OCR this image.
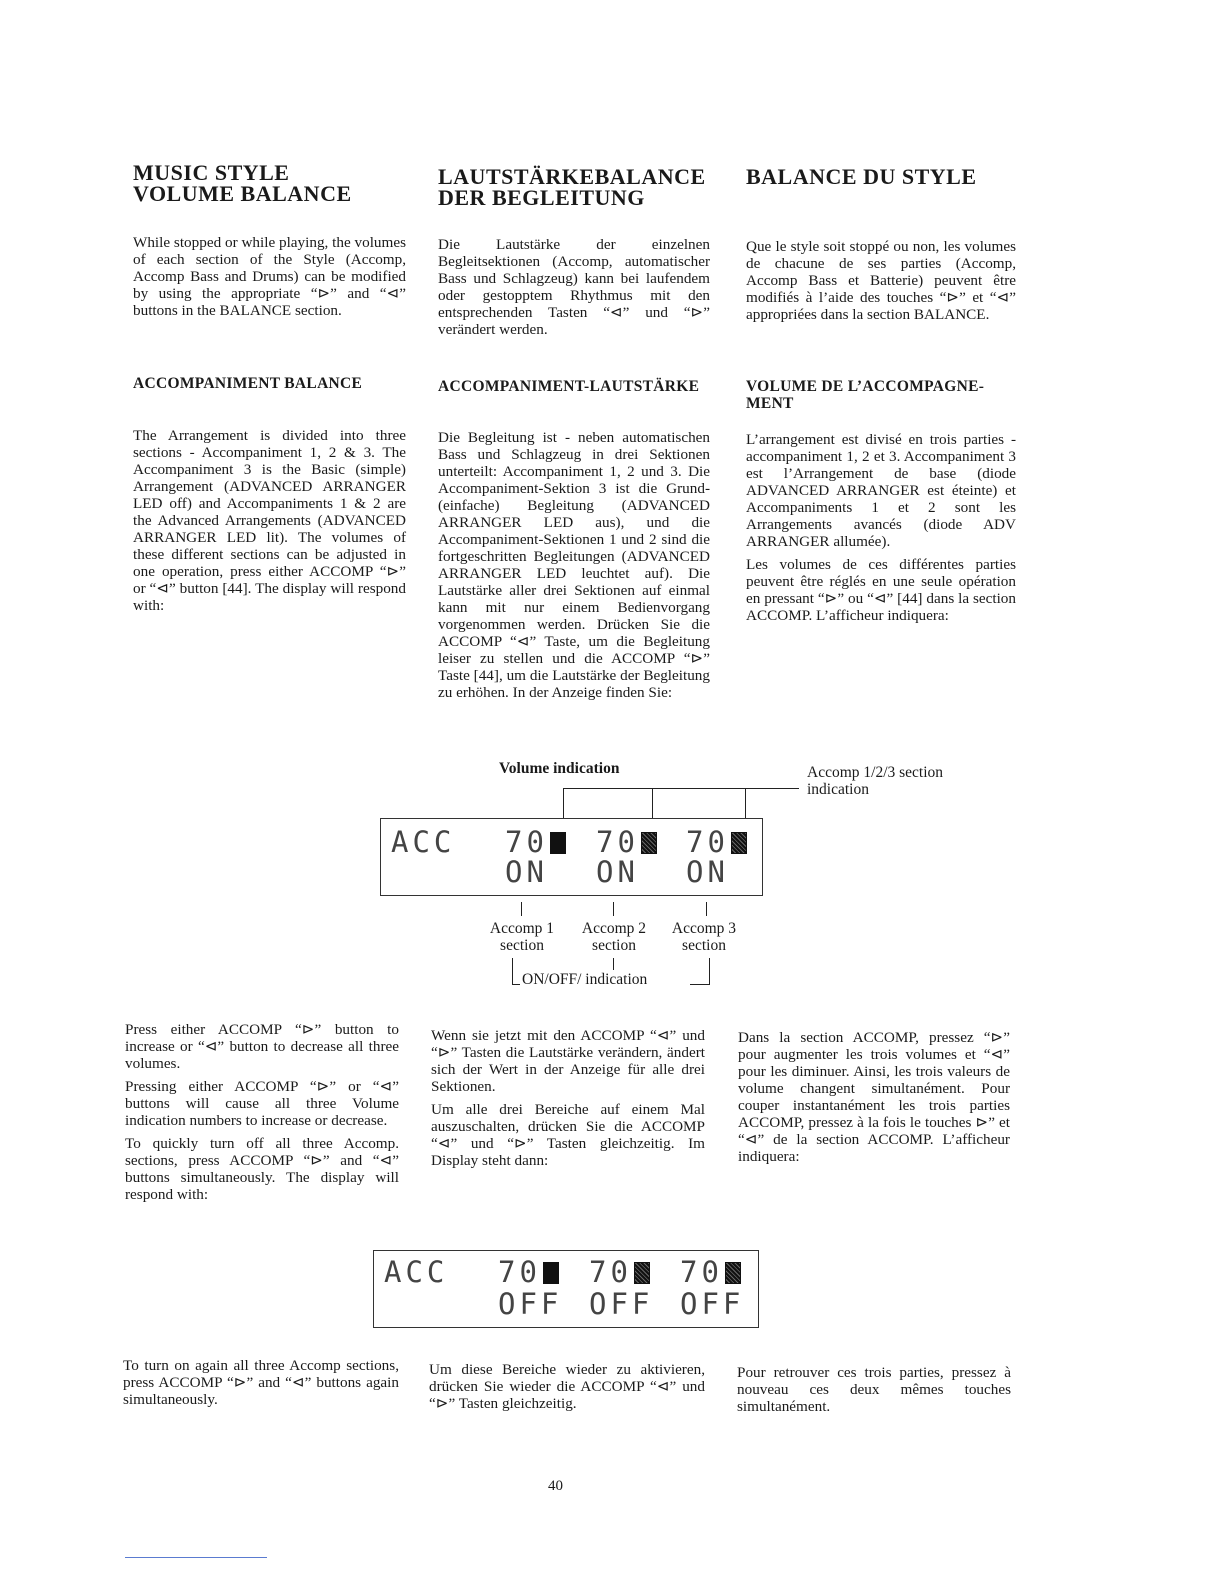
MUSIC STYLE
VOLUME BALANCE
LAUTSTÄRKEBALANCE
DER BEGLEITUNG
BALANCE DU STYLE
While stopped or while playing, the volumes of each section of the Style (Accomp, Accomp Bass and Drums) can be modified by using the appropriate “⊳” and “⊲” buttons in the BALANCE section.
Die Lautstärke der einzelnen Begleitsektionen (Accomp, automatischer Bass und Schlagzeug) kann bei laufendem oder gestopptem Rhythmus mit den entsprechenden Tasten “⊲” und “⊳” verändert werden.
Que le style soit stoppé ou non, les volumes de chacune de ses parties (Accomp, Accomp Bass et Batterie) peuvent être modifiés à l’aide des touches “⊳” et “⊲” appropriées dans la section BALANCE.
ACCOMPANIMENT BALANCE	ACCOMPANIMENT-LAUTSTÄRKE	VOLUME DE L’ACCOMPAGNE-MENT
The Arrangement is divided into three sections - Accompaniment 1, 2 & 3. The Accompaniment 3 is the Basic (simple) Arrangement (ADVANCED ARRANGER LED off) and Accompaniments 1 & 2 are the Advanced Arrangements (ADVANCED ARRANGER LED lit). The volumes of these different sections can be adjusted in one operation, press either ACCOMP “⊳” or “⊲” button [44]. The display will respond with:
Die Begleitung ist - neben automatischen Bass und Schlagzeug in drei Sektionen unterteilt: Accompaniment 1, 2 und 3. Die Accompaniment-Sektion 3 ist die Grund- (einfache) Begleitung (ADVANCED ARRANGER LED aus), und die Accompaniment-Sektionen 1 und 2 sind die fortgeschritten Begleitungen (ADVANCED ARRANGER LED leuchtet auf). Die Lautstärke aller drei Sektionen auf einmal kann mit nur einem Bedienvorgang vorgenommen werden. Drücken Sie die ACCOMP “⊲” Taste, um die Begleitung leiser zu stellen und die ACCOMP “⊳” Taste [44], um die Lautstärke der Begleitung zu erhöhen. In der Anzeige finden Sie:

L’arrangement est divisé en trois parties - accompaniment 1, 2 et 3. Accompaniment 3 est l’Arrangement de base (diode ADVANCED ARRANGER est éteinte) et Accompaniments 1 et 2 sont les Arrangements avancés (diode ADV ARRANGER allumée).

Les volumes de ces différentes parties peuvent être réglés en une seule opération en pressant “⊳” ou “⊲” [44] dans la section ACCOMP. L’afficheur indiquera:

Volume indication	Accomp 1/2/3 section indication
ACC 70	70	70
ON ON ON
Accomp 1 section
Accomp 2 section
Accomp 3 section
ON/OFF/ indication

Press either ACCOMP “⊳” button to increase or “⊲” button to decrease all three volumes.

Pressing either ACCOMP “⊳” or “⊲” buttons will cause all three Volume indication numbers to increase or decrease.

To quickly turn off all three Accomp. sections, press ACCOMP “⊳” and “⊲” buttons simultaneously. The display will respond with:

Wenn sie jetzt mit den ACCOMP “⊲” und “⊳” Tasten die Lautstärke verändern, ändert sich der Wert in der Anzeige für alle drei Sektionen.

Um alle drei Bereiche auf einem Mal auszuschalten, drücken Sie die ACCOMP “⊲” und “⊳” Tasten gleichzeitig. Im Display steht dann:

Dans la section ACCOMP, pressez “⊳” pour augmenter les trois volumes et “⊲” pour les diminuer. Ainsi, les trois valeurs de volume changent simultanément. Pour couper instantanément les trois parties ACCOMP, pressez à la fois le touches ⊳” et “⊲” de la section ACCOMP. L’afficheur indiquera:
ACC 70	70	70
OFF OFF OFF
To turn on again all three Accomp sections, press ACCOMP “⊳” and “⊲” buttons again simultaneously.
Um diese Bereiche wieder zu aktivieren, drücken Sie wieder die ACCOMP “⊲” und “⊳” Tasten gleichzeitig.
Pour retrouver ces trois parties, pressez à nouveau ces deux mêmes touches simultanément.
40
